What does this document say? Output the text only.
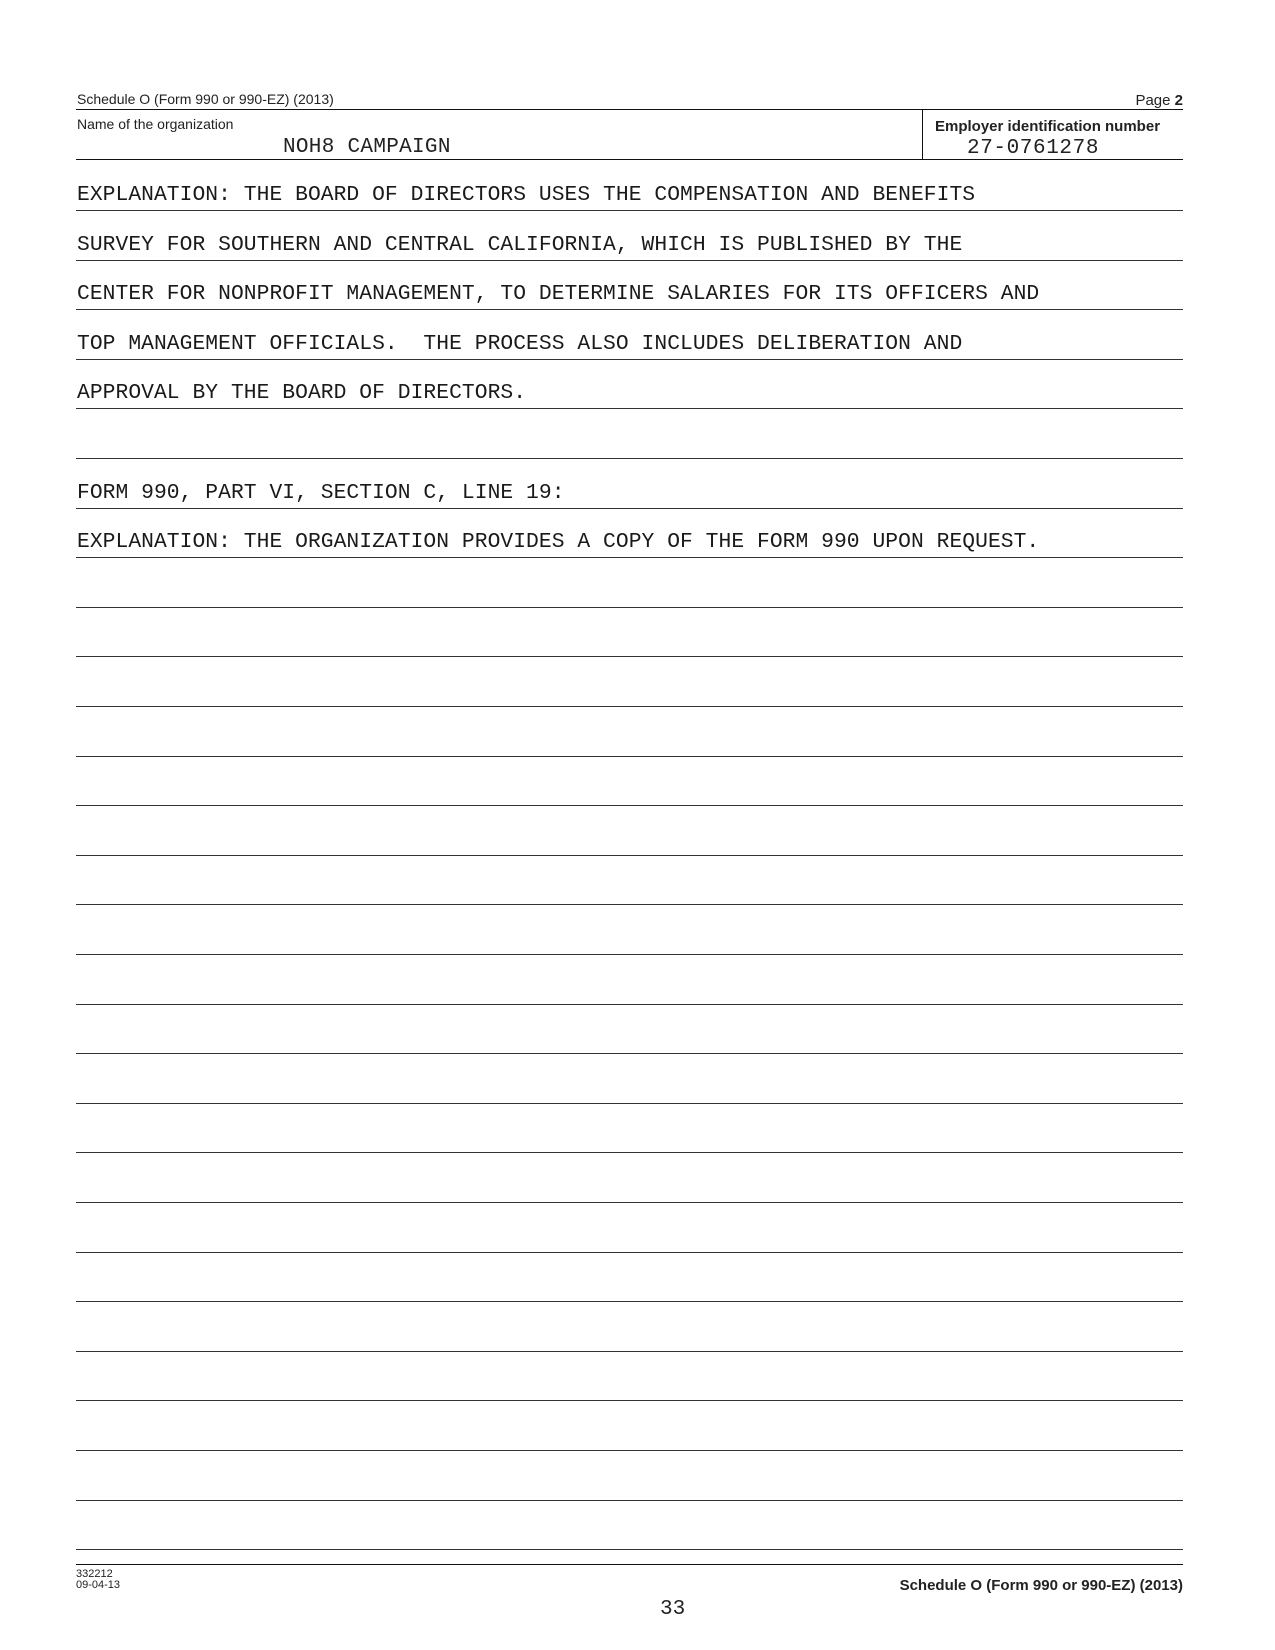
Schedule O (Form 990 or 990-EZ) (2013)	Page 2
Name of the organization
NOH8 CAMPAIGN
Employer identification number
27-0761278
EXPLANATION: THE BOARD OF DIRECTORS USES THE COMPENSATION AND BENEFITS
SURVEY FOR SOUTHERN AND CENTRAL CALIFORNIA, WHICH IS PUBLISHED BY THE
CENTER FOR NONPROFIT MANAGEMENT, TO DETERMINE SALARIES FOR ITS OFFICERS AND
TOP MANAGEMENT OFFICIALS.  THE PROCESS ALSO INCLUDES DELIBERATION AND
APPROVAL BY THE BOARD OF DIRECTORS.
FORM 990, PART VI, SECTION C, LINE 19:
EXPLANATION: THE ORGANIZATION PROVIDES A COPY OF THE FORM 990 UPON REQUEST.
332212
09-04-13	Schedule O (Form 990 or 990-EZ) (2013)
33
